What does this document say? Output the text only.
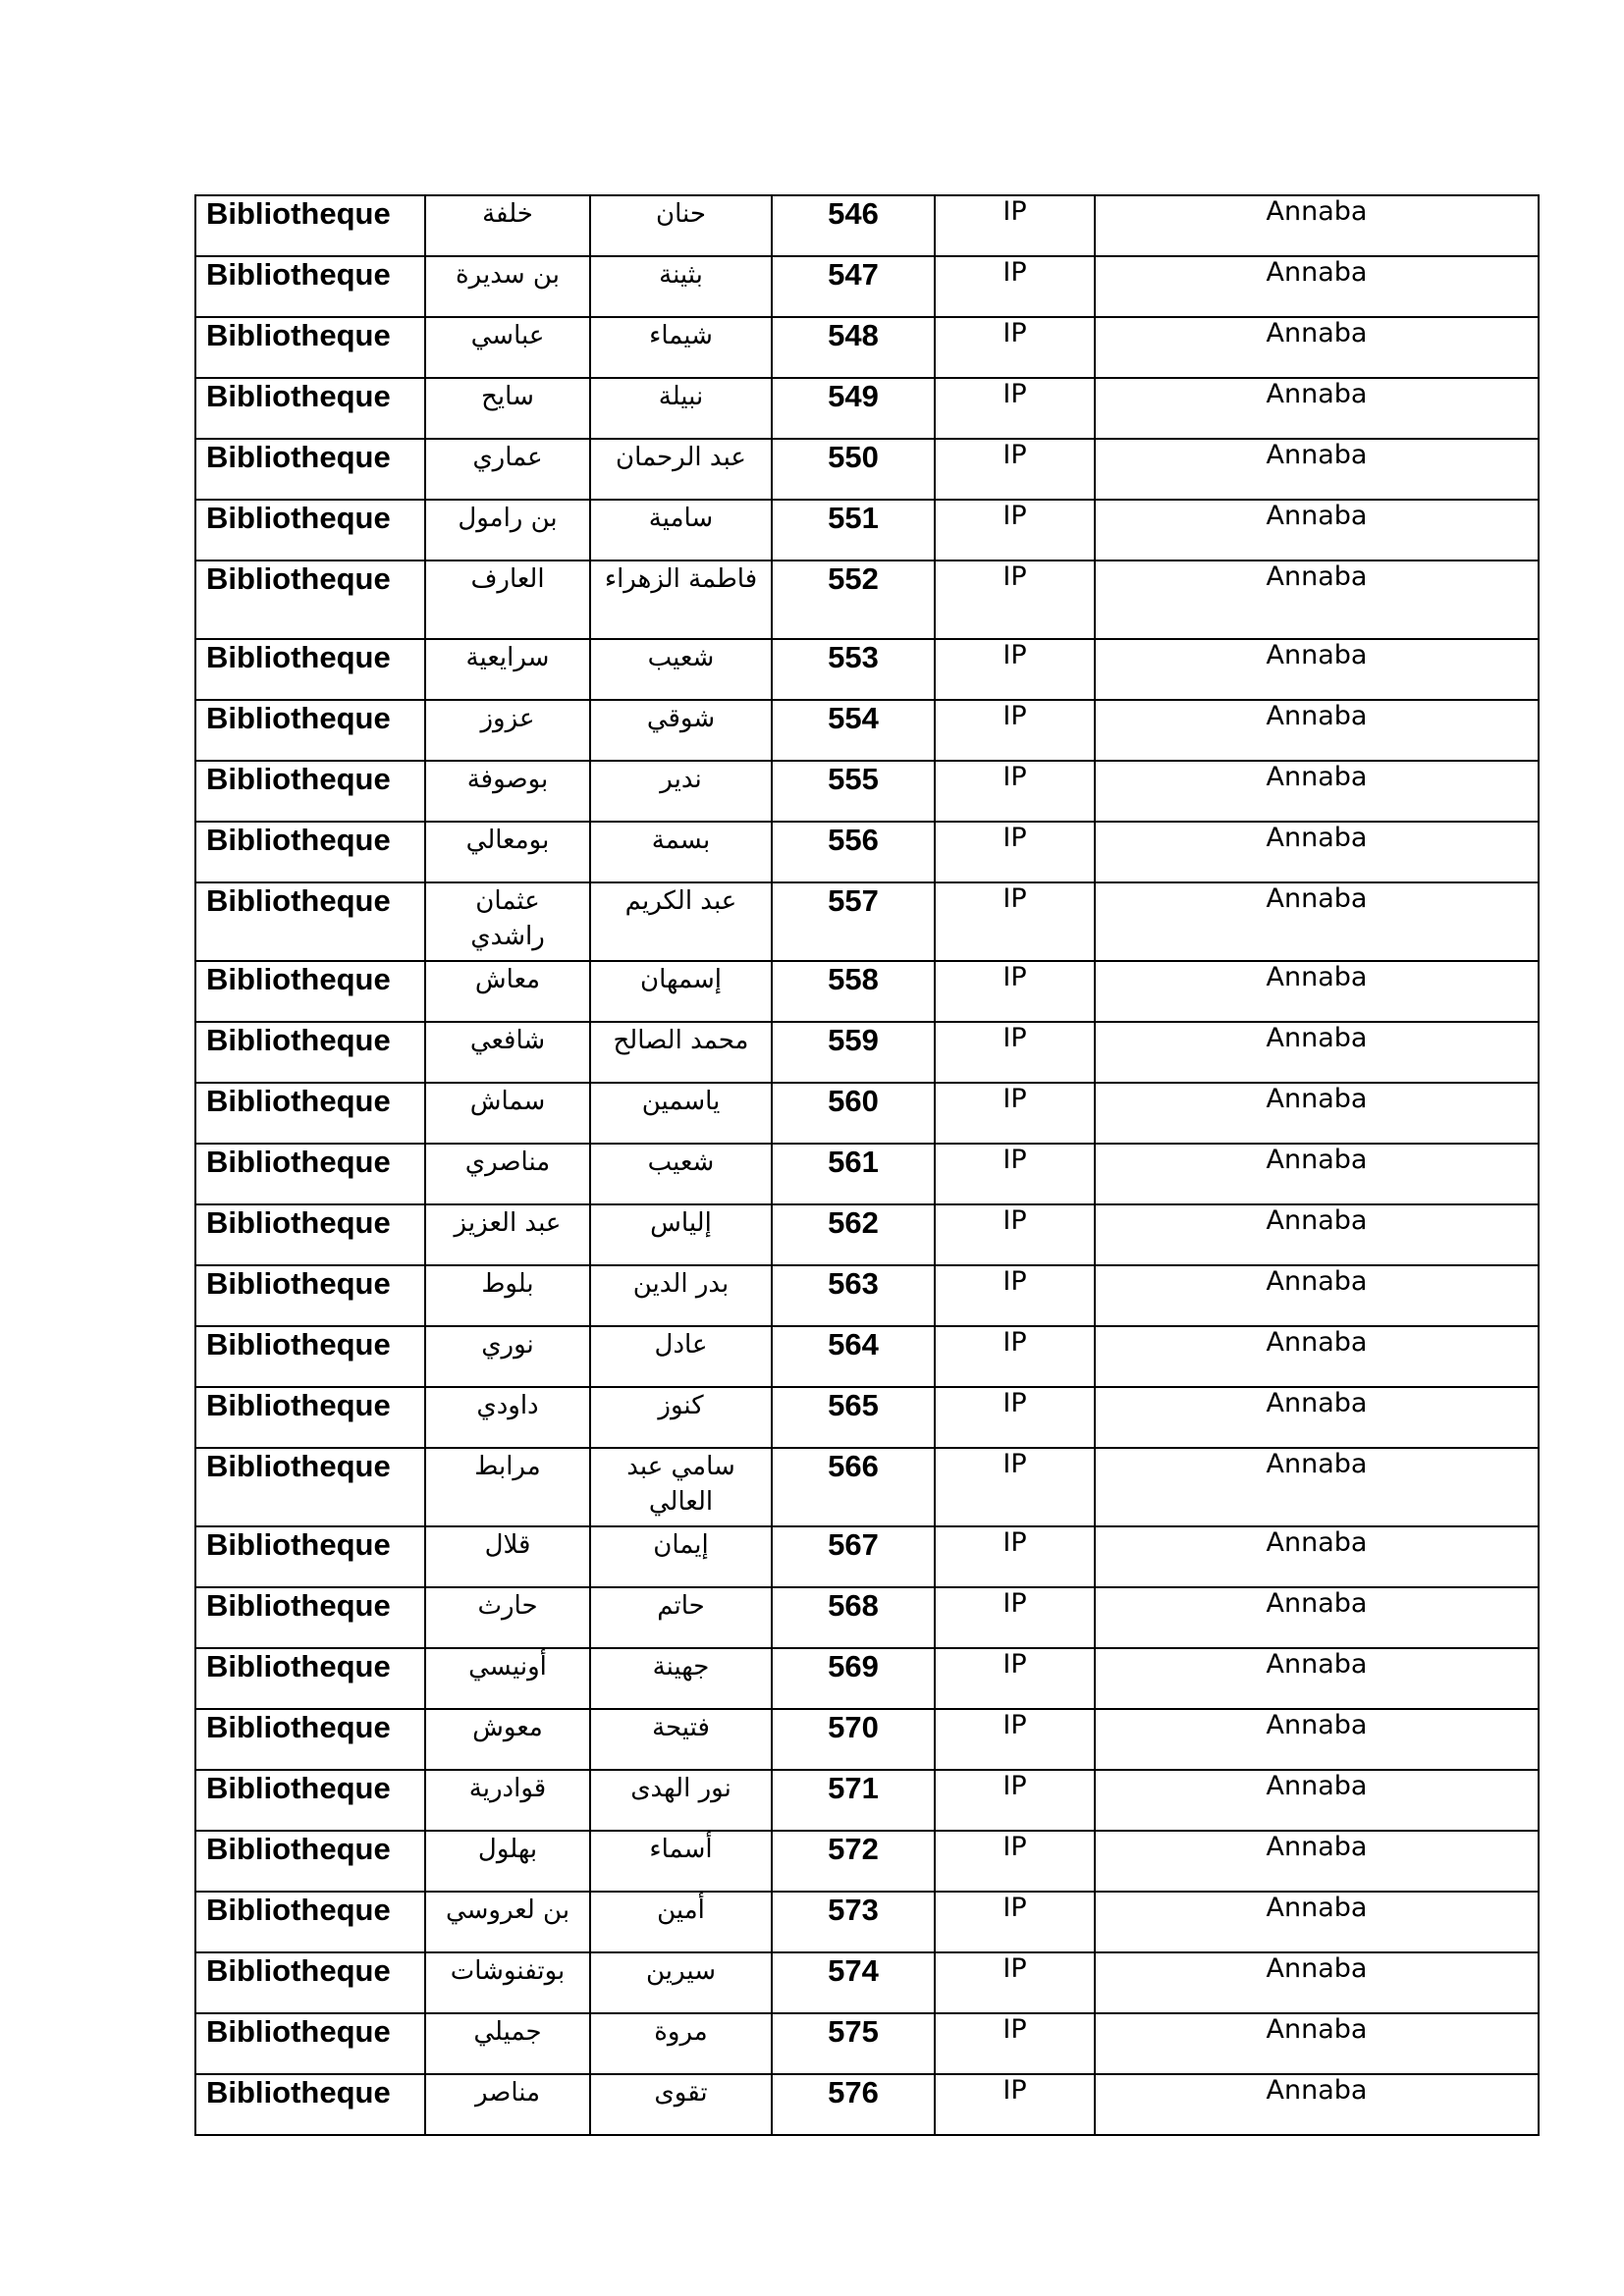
Bibliotheque	خلفة	حنان	546	IP	Annaba
Bibliotheque	بن سديرة	بثينة	547	IP	Annaba
Bibliotheque	عباسي	شيماء	548	IP	Annaba
Bibliotheque	سايح	نبيلة	549	IP	Annaba
Bibliotheque	عماري	عبد الرحمان	550	IP	Annaba
Bibliotheque	بن رامول	سامية	551	IP	Annaba
Bibliotheque	العارف	فاطمة الزهراء	552	IP	Annaba
Bibliotheque	سرايعية	شعيب	553	IP	Annaba
Bibliotheque	عزوز	شوقي	554	IP	Annaba
Bibliotheque	بوصوفة	ندير	555	IP	Annaba
Bibliotheque	بومعالي	بسمة	556	IP	Annaba
Bibliotheque	عثمان راشدي	عبد الكريم	557	IP	Annaba
Bibliotheque	معاش	إسمهان	558	IP	Annaba
Bibliotheque	شافعي	محمد الصالح	559	IP	Annaba
Bibliotheque	سماش	ياسمين	560	IP	Annaba
Bibliotheque	مناصري	شعيب	561	IP	Annaba
Bibliotheque	عبد العزيز	إلياس	562	IP	Annaba
Bibliotheque	بلوط	بدر الدين	563	IP	Annaba
Bibliotheque	نوري	عادل	564	IP	Annaba
Bibliotheque	داودي	كنوز	565	IP	Annaba
Bibliotheque	مرابط	سامي عبد العالي	566	IP	Annaba
Bibliotheque	قلال	إيمان	567	IP	Annaba
Bibliotheque	حارث	حاتم	568	IP	Annaba
Bibliotheque	أونيسي	جهينة	569	IP	Annaba
Bibliotheque	معوش	فتيحة	570	IP	Annaba
Bibliotheque	قوادرية	نور الهدى	571	IP	Annaba
Bibliotheque	بهلول	أسماء	572	IP	Annaba
Bibliotheque	بن لعروسي	أمين	573	IP	Annaba
Bibliotheque	بوتفنوشات	سيرين	574	IP	Annaba
Bibliotheque	جميلي	مروة	575	IP	Annaba
Bibliotheque	مناصر	تقوى	576	IP	Annaba
